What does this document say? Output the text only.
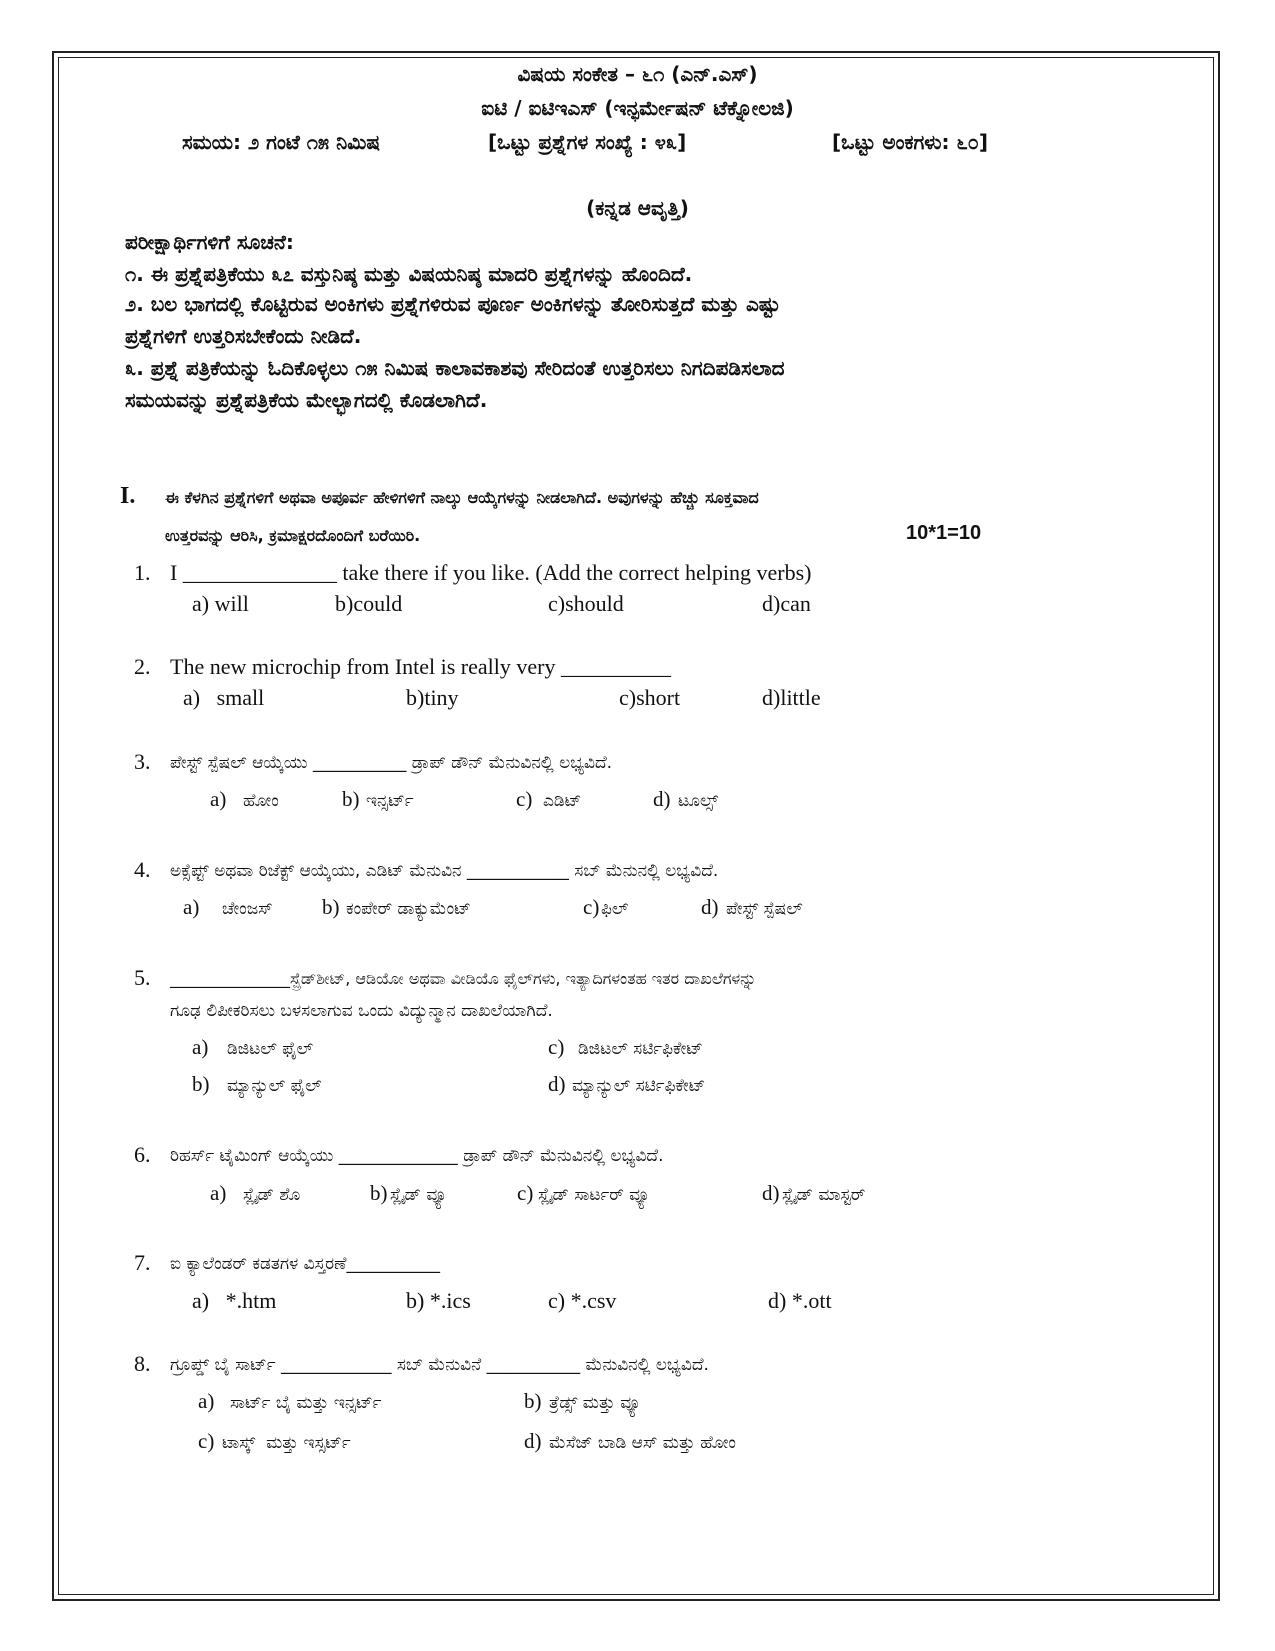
ವಿಷಯ ಸಂಕೇತ – ೬೧ (ಎನ್.ಎಸ್)
ಐಟಿ / ಐಟಿಇಎಸ್ (ಇನ್ಫರ್ಮೇಷನ್ ಟೆಕ್ನೋಲಜಿ)
ಸಮಯ: ೨ ಗಂಟೆ ೧೫ ನಿಮಿಷ	[ಒಟ್ಟು ಪ್ರಶ್ನೆಗಳ ಸಂಖ್ಯೆ : ೪೩]	[ಒಟ್ಟು ಅಂಕಗಳು: ೬೦]
(ಕನ್ನಡ ಆವೃತ್ತಿ)
ಪರೀಕ್ಷಾರ್ಥಿಗಳಿಗೆ ಸೂಚನೆ:
೧. ಈ ಪ್ರಶ್ನೆಪತ್ರಿಕೆಯು ೩೭ ವಸ್ತುನಿಷ್ಠ ಮತ್ತು ವಿಷಯನಿಷ್ಠ ಮಾದರಿ ಪ್ರಶ್ನೆಗಳನ್ನು ಹೊಂದಿದೆ.
೨. ಬಲ ಭಾಗದಲ್ಲಿ ಕೊಟ್ಟಿರುವ ಅಂಕಿಗಳು ಪ್ರಶ್ನೆಗಳಿರುವ ಪೂರ್ಣ ಅಂಕಿಗಳನ್ನು ತೋರಿಸುತ್ತದೆ ಮತ್ತು ಎಷ್ಟು
ಪ್ರಶ್ನೆಗಳಿಗೆ ಉತ್ತರಿಸಬೇಕೆಂದು ನೀಡಿದೆ.
೩. ಪ್ರಶ್ನೆ ಪತ್ರಿಕೆಯನ್ನು ಓದಿಕೊಳ್ಳಲು ೧೫ ನಿಮಿಷ ಕಾಲಾವಕಾಶವು ಸೇರಿದಂತೆ ಉತ್ತರಿಸಲು ನಿಗದಿಪಡಿಸಲಾದ
ಸಮಯವನ್ನು ಪ್ರಶ್ನೆಪತ್ರಿಕೆಯ ಮೇಲ್ಭಾಗದಲ್ಲಿ ಕೊಡಲಾಗಿದೆ.
I. ಈ ಕೆಳಗಿನ ಪ್ರಶ್ನೆಗಳಿಗೆ ಅಥವಾ ಅಪೂರ್ವ ಹೇಳಿಗಳಿಗೆ ನಾಲ್ಕು ಆಯ್ಕೆಗಳನ್ನು ನೀಡಲಾಗಿದೆ. ಅವುಗಳನ್ನು ಹೆಚ್ಚು ಸೂಕ್ತವಾದ
ಉತ್ತರವನ್ನು ಆರಿಸಿ, ಕ್ರಮಾಕ್ಷರದೊಂದಿಗೆ ಬರೆಯಿರಿ.	10*1=10
1. I ______________ take there if you like. (Add the correct helping verbs)
a) will	b)could	c)should	d)can
2. The new microchip from Intel is really very __________
a)   small	b)tiny	c)short	d)little
3. ಪೇಸ್ಟ್ ಸ್ಪೆಷಲ್ ಆಯ್ಕೆಯು ___________ ಡ್ರಾಪ್ ಡೌನ್ ಮೆನುವಿನಲ್ಲಿ ಲಭ್ಯವಿದೆ.
a) ಹೋಂ	b) ಇನ್ಸರ್ಟ್	c) ಎಡಿಟ್	d) ಟೂಲ್ಸ್
4. ಅಕ್ಸೆಪ್ಟ್ ಅಥವಾ ರಿಜೆಕ್ಟ್ ಆಯ್ಕೆಯು, ಎಡಿಟ್ ಮೆನುವಿನ ____________ ಸಬ್ ಮೆನುನಲ್ಲಿ ಲಭ್ಯವಿದೆ.
a) ಚೇಂಜಸ್ b) ಕಂಪೇರ್ ಡಾಕ್ಯುಮೆಂಟ್	c) ಫಿಲ್	d) ಪೇಸ್ಟ್ ಸ್ಪೆಷಲ್
5. _______________ಸ್ಪ್ರೆಡ್‌ಶೀಟ್, ಆಡಿಯೋ ಅಥವಾ ವೀಡಿಯೊ ಫೈಲ್‌ಗಳು, ಇತ್ಯಾದಿಗಳಂತಹ ಇತರ ದಾಖಲೆಗಳನ್ನು
ಗೂಢ ಲಿಪೀಕರಿಸಲು ಬಳಸಲಾಗುವ ಒಂದು ವಿದ್ಯುನ್ಮಾನ ದಾಖಲೆಯಾಗಿದೆ.
a) ಡಿಜಿಟಲ್ ಫೈಲ್	c) ಡಿಜಿಟಲ್ ಸರ್ಟಿಫಿಕೇಟ್
b) ಮ್ಯಾನ್ಯುಲ್ ಫೈಲ್	d) ಮ್ಯಾನ್ಯುಲ್ ಸರ್ಟಿಫಿಕೇಟ್
6. ರಿಹರ್ಸ್ ಟೈಮಿಂಗ್ ಆಯ್ಕೆಯು ______________ ಡ್ರಾಪ್ ಡೌನ್ ಮೆನುವಿನಲ್ಲಿ ಲಭ್ಯವಿದೆ.
a) ಸ್ಲೈಡ್ ಶೊ	b) ಸ್ಲೈಡ್ ವ್ಯೂ	c) ಸ್ಲೈಡ್ ಸಾರ್ಟರ್ ವ್ಯೂ	d) ಸ್ಲೈಡ್ ಮಾಸ್ಟರ್
7. ಐ ಕ್ಯಾಲೆಂಡರ್ ಕಡತಗಳ ವಿಸ್ತರಣೆ___________
a)   *.htm	b) *.ics	c) *.csv	d) *.ott
8. ಗ್ರೂಪ್ಡ್ ಬೈ ಸಾರ್ಟ್ _____________ ಸಬ್ ಮೆನುವಿನೆ ___________ ಮೆನುವಿನಲ್ಲಿ ಲಭ್ಯವಿದೆ.
a) ಸಾರ್ಟ್ ಬೈ ಮತ್ತು ಇನ್ಸರ್ಟ್	b) ತ್ರೆಡ್ಸ್ ಮತ್ತು ವ್ಯೂ
c) ಟಾಸ್ಕ್  ಮತ್ತು ಇಸ್ಸರ್ಟ್	d) ಮೆಸೆಜ್ ಬಾಡಿ ಆಸ್ ಮತ್ತು ಹೋಂ
